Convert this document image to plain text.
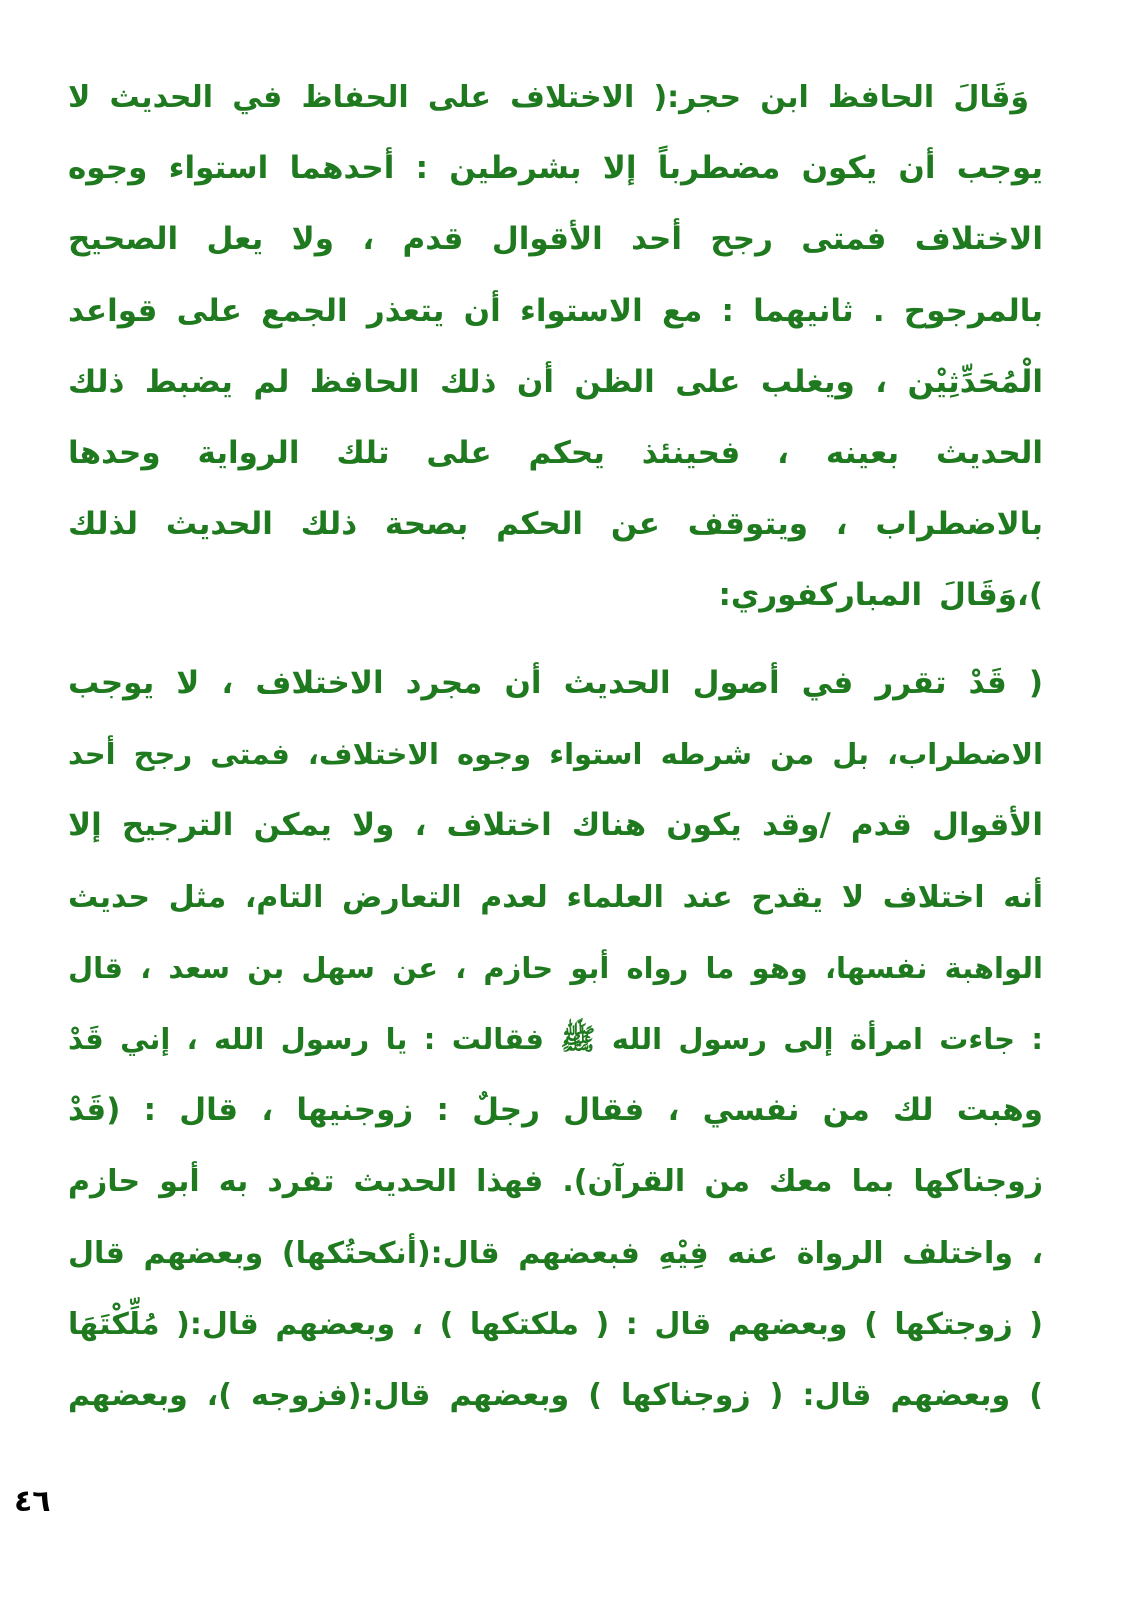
وَقَالَ الحافظ ابن حجر:( الاختلاف على الحفاظ في الحديث لا
يوجب أن يكون مضطرباً إلا بشرطين : أحدهما استواء وجوه
الاختلاف فمتى رجح أحد الأقوال قدم ، ولا يعل الصحيح
بالمرجوح . ثانيهما : مع الاستواء أن يتعذر الجمع على قواعد
الْمُحَدِّثِيْن ، ويغلب على الظن أن ذلك الحافظ لم يضبط ذلك
الحديث بعينه ، فحينئذ يحكم على تلك الرواية وحدها
بالاضطراب ، ويتوقف عن الحكم بصحة ذلك الحديث لذلك
)،وَقَالَ المباركفوري:
( قَدْ تقرر في أصول الحديث أن مجرد الاختلاف ، لا يوجب
الاضطراب، بل من شرطه استواء وجوه الاختلاف، فمتى رجح أحد
الأقوال قدم /وقد يكون هناك اختلاف ، ولا يمكن الترجيح إلا
أنه اختلاف لا يقدح عند العلماء لعدم التعارض التام، مثل حديث
الواهبة نفسها، وهو ما رواه أبو حازم ، عن سهل بن سعد ، قال
: جاءت امرأة إلى رسول الله ﷺ فقالت : يا رسول الله ، إني قَدْ
وهبت لك من نفسي ، فقال رجلٌ : زوجنيها ، قال : (قَدْ
زوجناكها بما معك من القرآن). فهذا الحديث تفرد به أبو حازم
، واختلف الرواة عنه فِيْهِ فبعضهم قال:(أنكحتُكها) وبعضهم قال
( زوجتكها ) وبعضهم قال : ( ملكتكها ) ، وبعضهم قال:( مُلِّكْتَهَا
) وبعضهم قال: ( زوجناكها ) وبعضهم قال:(فزوجه )، وبعضهم
٤٦
